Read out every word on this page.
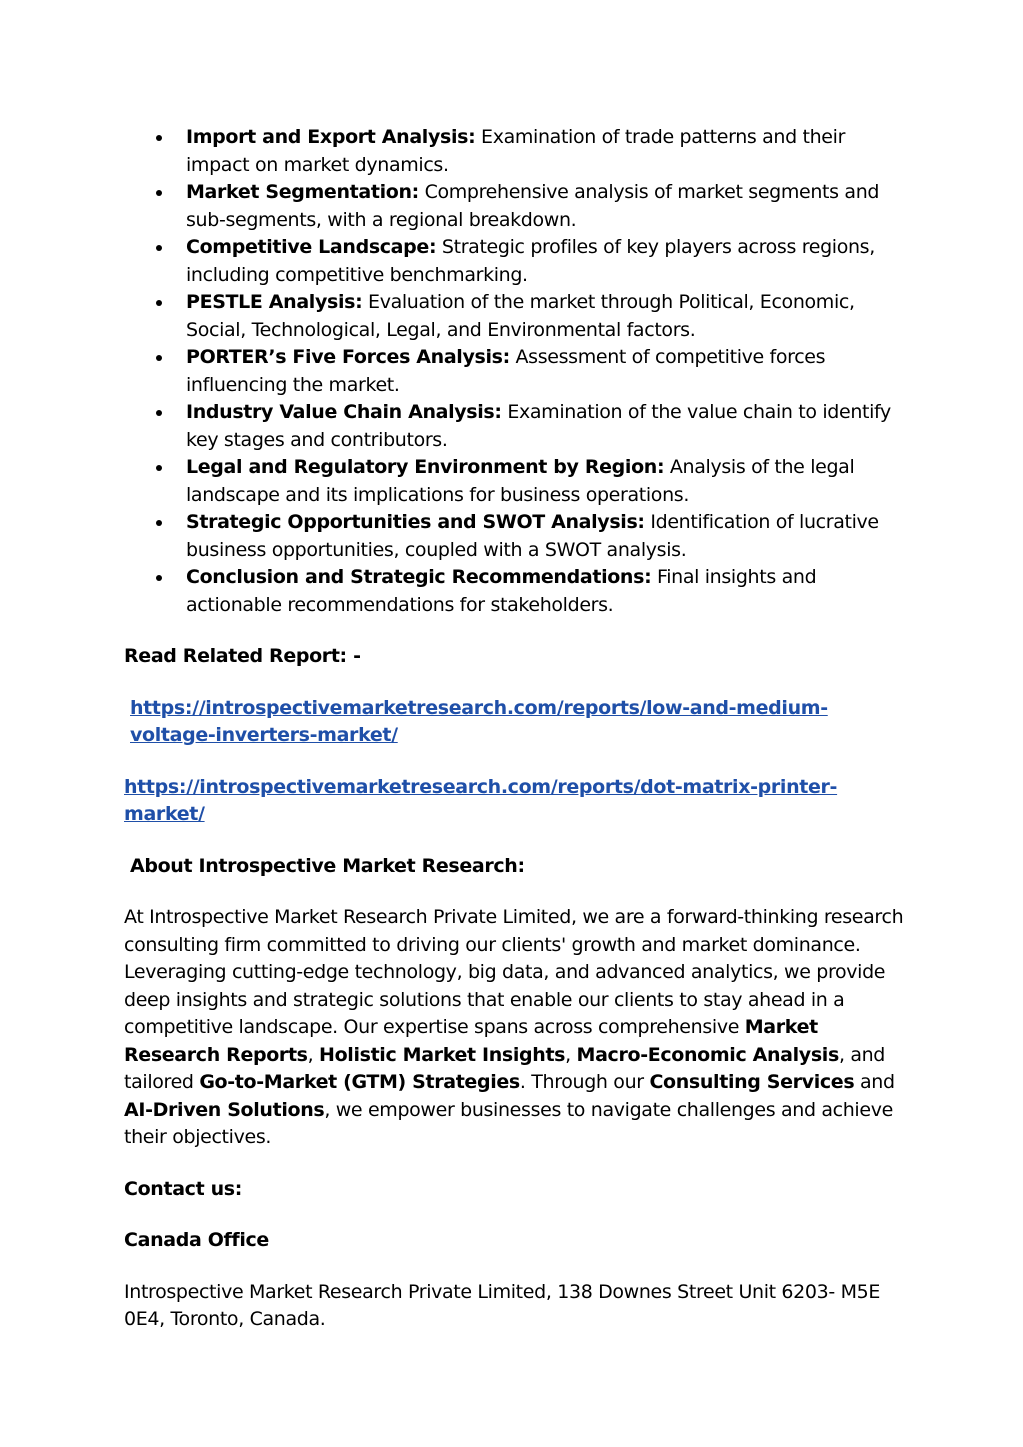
Import and Export Analysis: Examination of trade patterns and their impact on market dynamics.
Market Segmentation: Comprehensive analysis of market segments and sub-segments, with a regional breakdown.
Competitive Landscape: Strategic profiles of key players across regions, including competitive benchmarking.
PESTLE Analysis: Evaluation of the market through Political, Economic, Social, Technological, Legal, and Environmental factors.
PORTER’s Five Forces Analysis: Assessment of competitive forces influencing the market.
Industry Value Chain Analysis: Examination of the value chain to identify key stages and contributors.
Legal and Regulatory Environment by Region: Analysis of the legal landscape and its implications for business operations.
Strategic Opportunities and SWOT Analysis: Identification of lucrative business opportunities, coupled with a SWOT analysis.
Conclusion and Strategic Recommendations: Final insights and actionable recommendations for stakeholders.

Read Related Report: -

https://introspectivemarketresearch.com/reports/low-and-medium-voltage-inverters-market/

https://introspectivemarketresearch.com/reports/dot-matrix-printer-market/

About Introspective Market Research:

At Introspective Market Research Private Limited, we are a forward-thinking research consulting firm committed to driving our clients' growth and market dominance. Leveraging cutting-edge technology, big data, and advanced analytics, we provide deep insights and strategic solutions that enable our clients to stay ahead in a competitive landscape. Our expertise spans across comprehensive Market Research Reports, Holistic Market Insights, Macro-Economic Analysis, and tailored Go-to-Market (GTM) Strategies. Through our Consulting Services and AI-Driven Solutions, we empower businesses to navigate challenges and achieve their objectives.

Contact us:

Canada Office

Introspective Market Research Private Limited, 138 Downes Street Unit 6203- M5E 0E4, Toronto, Canada.
